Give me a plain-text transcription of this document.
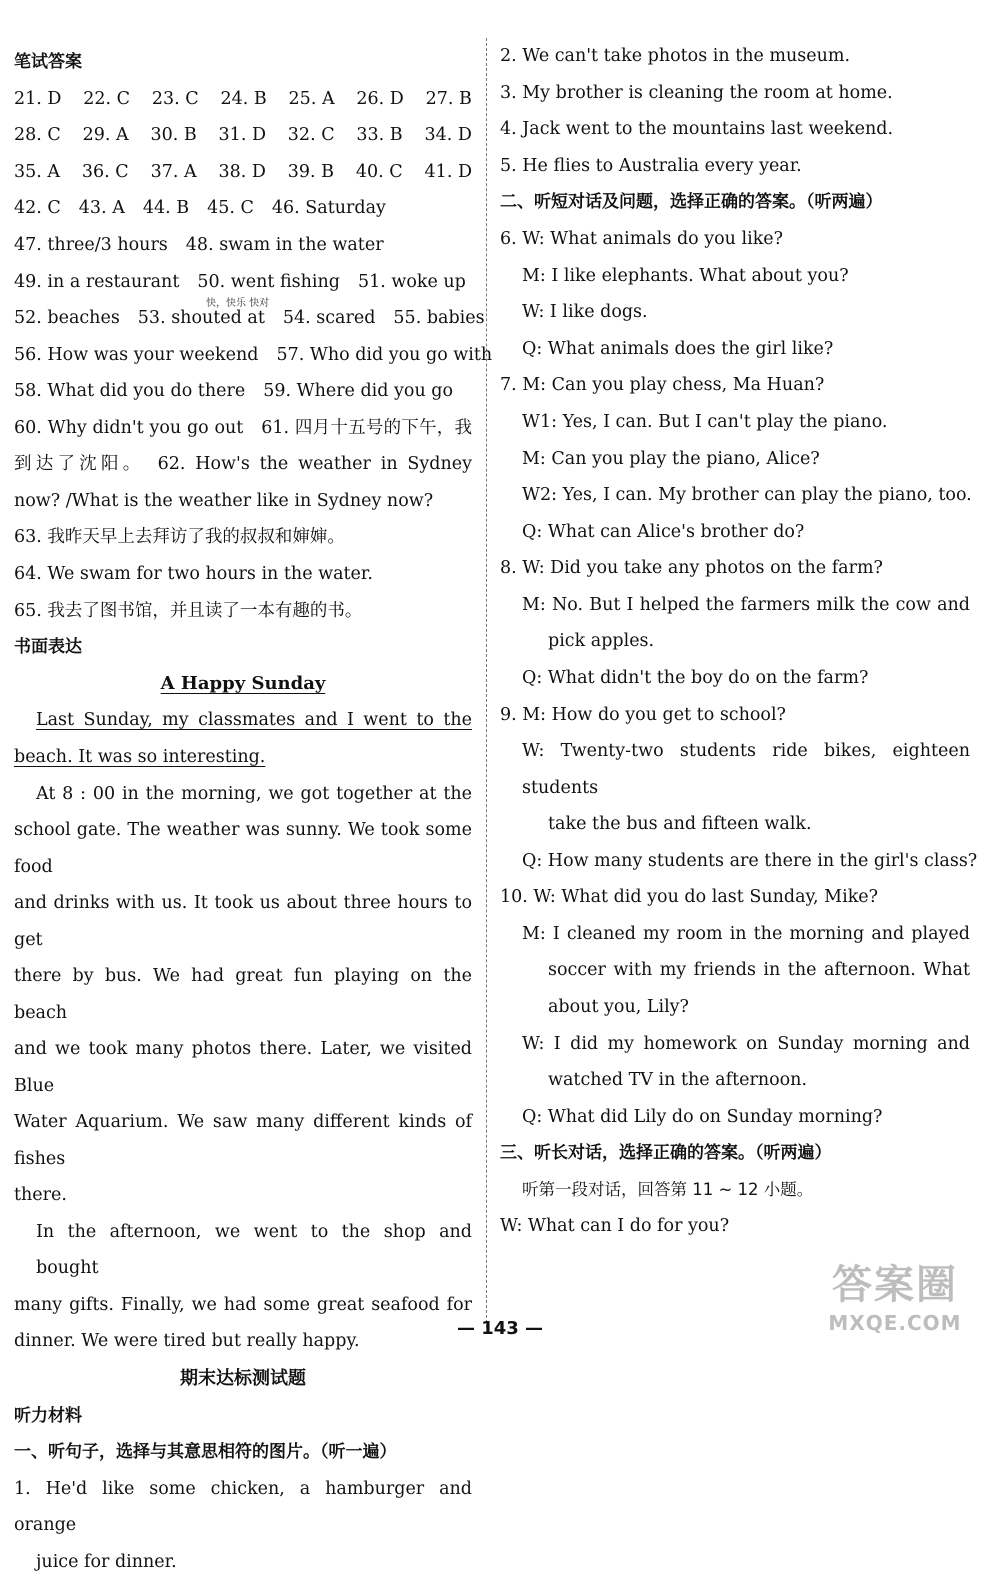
笔试答案
21. D 22. C 23. C 24. B 25. A 26. D 27. B
28. C 29. A 30. B 31. D 32. C 33. B 34. D
35. A 36. C 37. A 38. D 39. B 40. C 41. D
42. C 43. A 44. B 45. C 46. Saturday
47. three/3 hours 48. swam in the water
49. in a restaurant 50. went fishing 51. woke up
52. beaches 53. shouted at 54. scared 55. babies
56. How was your weekend 57. Who did you go with
58. What did you do there 59. Where did you go
60. Why didn't you go out　61. 四月十五号的下午，我
到达了沈阳。　62. How's the weather in Sydney
now? /What is the weather like in Sydney now?
63. 我昨天早上去拜访了我的叔叔和婶婶。
64. We swam for two hours in the water.
65. 我去了图书馆，并且读了一本有趣的书。
书面表达
A Happy Sunday
Last Sunday, my classmates and I went to the
beach. It was so interesting.
At 8 : 00 in the morning, we got together at the
school gate. The weather was sunny. We took some food
and drinks with us. It took us about three hours to get
there by bus. We had great fun playing on the beach
and we took many photos there. Later, we visited Blue
Water Aquarium. We saw many different kinds of fishes
there.
In the afternoon, we went to the shop and bought
many gifts. Finally, we had some great seafood for
dinner. We were tired but really happy.
期末达标测试题
听力材料
一、听句子，选择与其意思相符的图片。（听一遍）
1. He'd like some chicken, a hamburger and orange
juice for dinner.
快，快乐 快对
2. We can't take photos in the museum.
3. My brother is cleaning the room at home.
4. Jack went to the mountains last weekend.
5. He flies to Australia every year.
二、听短对话及问题，选择正确的答案。（听两遍）
6. W: What animals do you like?
M: I like elephants. What about you?
W: I like dogs.
Q: What animals does the girl like?
7. M: Can you play chess, Ma Huan?
W1: Yes, I can. But I can't play the piano.
M: Can you play the piano, Alice?
W2: Yes, I can. My brother can play the piano, too.
Q: What can Alice's brother do?
8. W: Did you take any photos on the farm?
M: No. But I helped the farmers milk the cow and
pick apples.
Q: What didn't the boy do on the farm?
9. M: How do you get to school?
W: Twenty-two students ride bikes, eighteen students
take the bus and fifteen walk.
Q: How many students are there in the girl's class?
10. W: What did you do last Sunday, Mike?
M: I cleaned my room in the morning and played
soccer with my friends in the afternoon. What
about you, Lily?
W: I did my homework on Sunday morning and
watched TV in the afternoon.
Q: What did Lily do on Sunday morning?
三、听长对话，选择正确的答案。（听两遍）
听第一段对话，回答第 11 ~ 12 小题。
W: What can I do for you?
— 143 —
答案圈
MXQE.COM
